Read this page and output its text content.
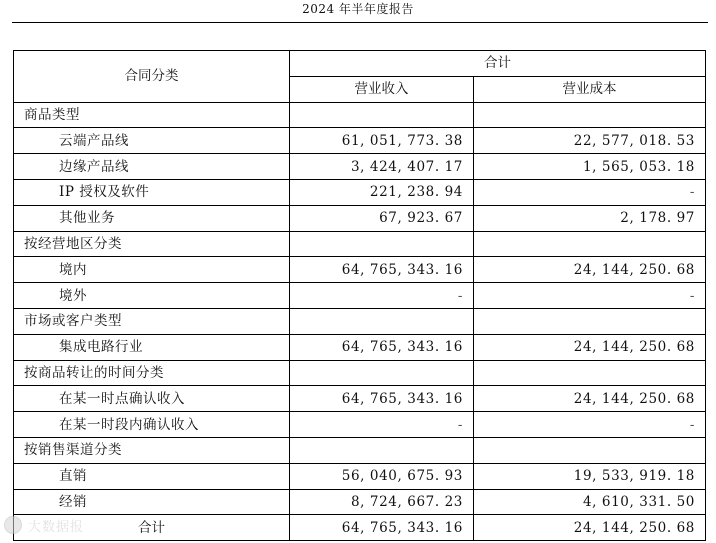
2024 年半年度报告
合同分类	合计	
	营业收入	营业成本
商品类型		
云端产品线	61, 051, 773. 38	22, 577, 018. 53
边缘产品线	3, 424, 407. 17	1, 565, 053. 18
IP 授权及软件	221, 238. 94	-
其他业务	67, 923. 67	2, 178. 97
按经营地区分类		
境内	64, 765, 343. 16	24, 144, 250. 68
境外	-	-
市场或客户类型		
集成电路行业	64, 765, 343. 16	24, 144, 250. 68
按商品转让的时间分类		
在某一时点确认收入	64, 765, 343. 16	24, 144, 250. 68
在某一时段内确认收入	-	-
按销售渠道分类		
直销	56, 040, 675. 93	19, 533, 919. 18
经销	8, 724, 667. 23	4, 610, 331. 50
合计	64, 765, 343. 16	24, 144, 250. 68
大数据报
